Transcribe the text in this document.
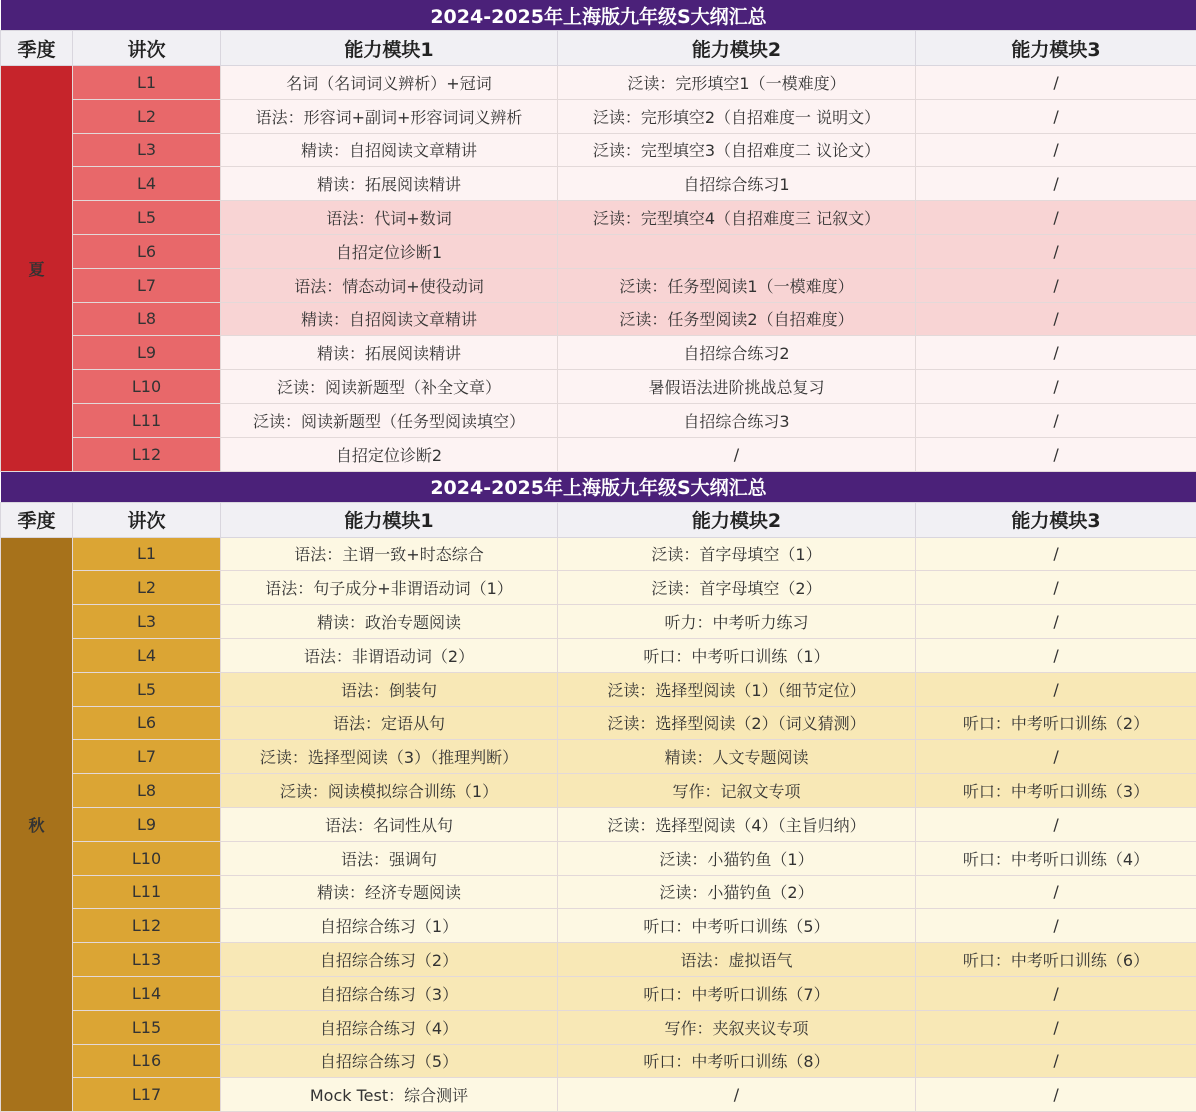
2024-2025年上海版九年级S大纲汇总				
季度	讲次	能力模块1	能力模块2	能力模块3
夏	L1	名词（名词词义辨析）+冠词	泛读：完形填空1（一模难度）	/
	L2	语法：形容词+副词+形容词词义辨析	泛读：完形填空2（自招难度一 说明文）	/
	L3	精读：自招阅读文章精讲	泛读：完型填空3（自招难度二 议论文）	/
	L4	精读：拓展阅读精讲	自招综合练习1	/
	L5	语法：代词+数词	泛读：完型填空4（自招难度三 记叙文）	/
	L6	自招定位诊断1		/
	L7	语法：情态动词+使役动词	泛读：任务型阅读1（一模难度）	/
	L8	精读：自招阅读文章精讲	泛读：任务型阅读2（自招难度）	/
	L9	精读：拓展阅读精讲	自招综合练习2	/
	L10	泛读：阅读新题型（补全文章）	暑假语法进阶挑战总复习	/
	L11	泛读：阅读新题型（任务型阅读填空）	自招综合练习3	/
	L12	自招定位诊断2	/	/
2024-2025年上海版九年级S大纲汇总				
季度	讲次	能力模块1	能力模块2	能力模块3
秋	L1	语法：主谓一致+时态综合	泛读：首字母填空（1）	/
	L2	语法：句子成分+非谓语动词（1）	泛读：首字母填空（2）	/
	L3	精读：政治专题阅读	听力：中考听力练习	/
	L4	语法：非谓语动词（2）	听口：中考听口训练（1）	/
	L5	语法：倒装句	泛读：选择型阅读（1）（细节定位）	/
	L6	语法：定语从句	泛读：选择型阅读（2）（词义猜测）	听口：中考听口训练（2）
	L7	泛读：选择型阅读（3）（推理判断）	精读：人文专题阅读	/
	L8	泛读：阅读模拟综合训练（1）	写作：记叙文专项	听口：中考听口训练（3）
	L9	语法：名词性从句	泛读：选择型阅读（4）（主旨归纳）	/
	L10	语法：强调句	泛读：小猫钓鱼（1）	听口：中考听口训练（4）
	L11	精读：经济专题阅读	泛读：小猫钓鱼（2）	/
	L12	自招综合练习（1）	听口：中考听口训练（5）	/
	L13	自招综合练习（2）	语法：虚拟语气	听口：中考听口训练（6）
	L14	自招综合练习（3）	听口：中考听口训练（7）	/
	L15	自招综合练习（4）	写作：夹叙夹议专项	/
	L16	自招综合练习（5）	听口：中考听口训练（8）	/
	L17	Mock Test：综合测评	/	/
